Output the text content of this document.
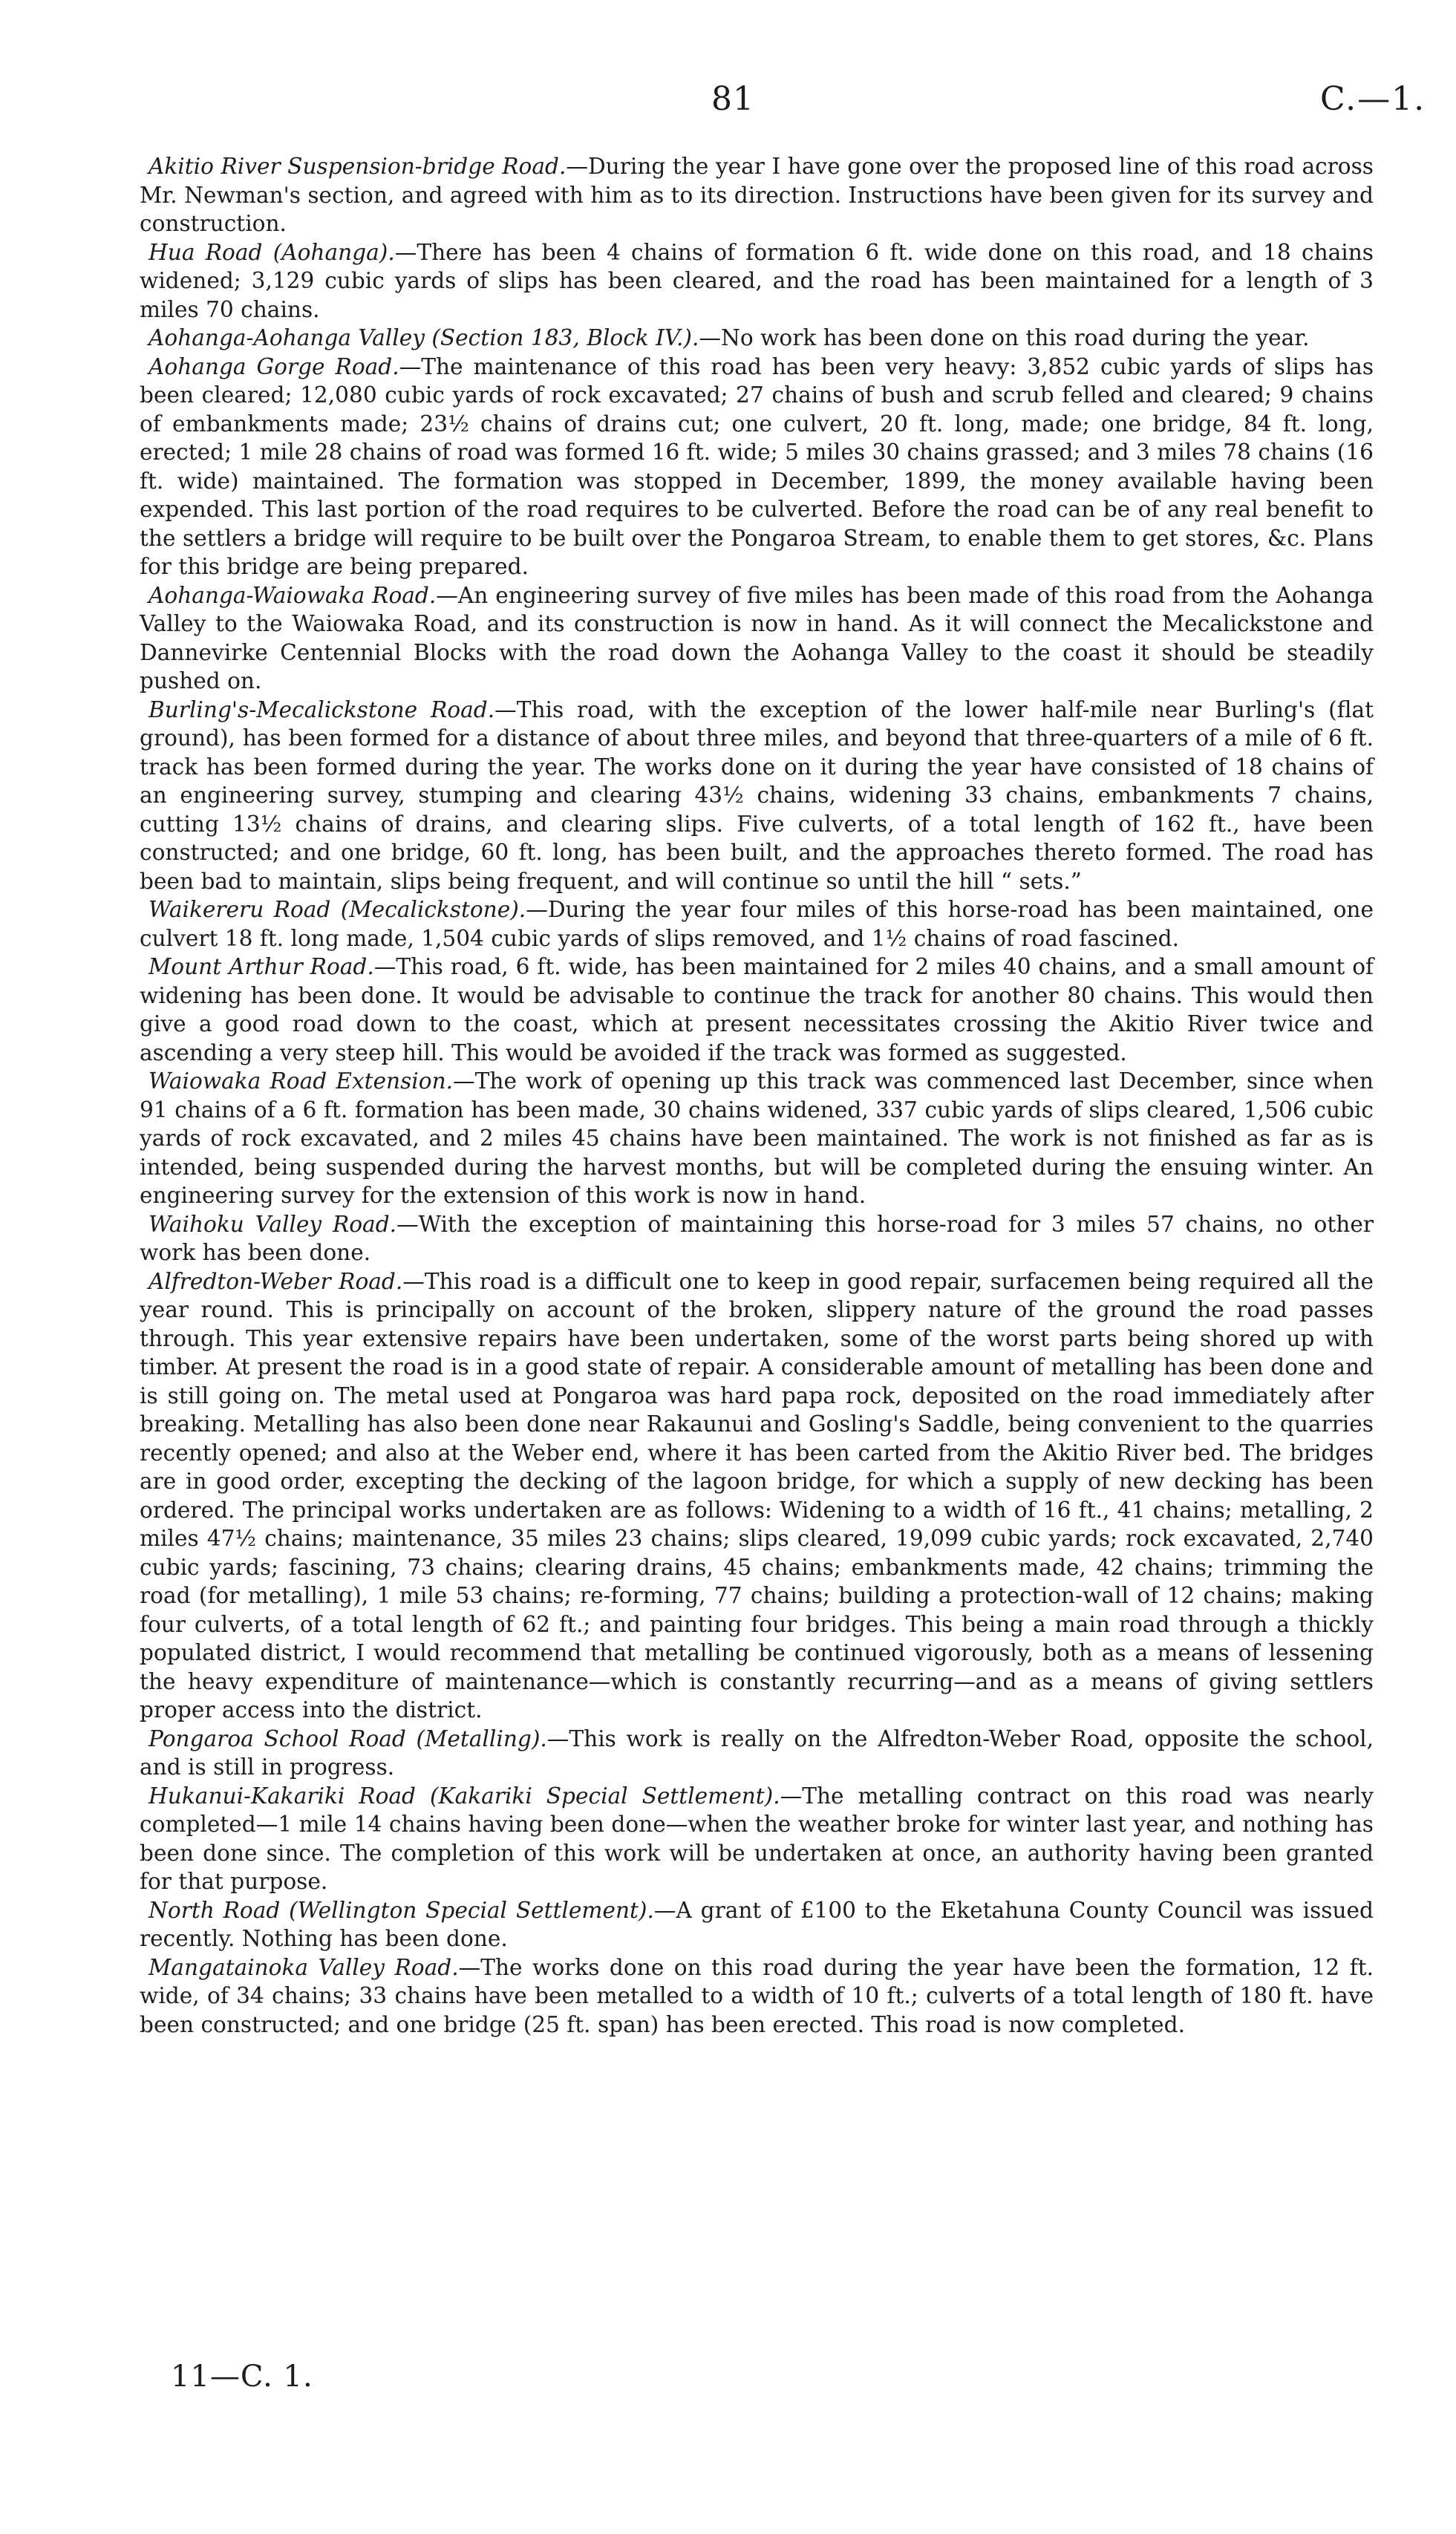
81	C.—1.

Akitio River Suspension-bridge Road.—During the year I have gone over the proposed line of this road across Mr. Newman's section, and agreed with him as to its direction. Instructions have been given for its survey and construction.

Hua Road (Aohanga).—There has been 4 chains of formation 6 ft. wide done on this road, and 18 chains widened; 3,129 cubic yards of slips has been cleared, and the road has been maintained for a length of 3 miles 70 chains.

Aohanga-Aohanga Valley (Section 183, Block IV.).—No work has been done on this road during the year.

Aohanga Gorge Road.—The maintenance of this road has been very heavy: 3,852 cubic yards of slips has been cleared; 12,080 cubic yards of rock excavated; 27 chains of bush and scrub felled and cleared; 9 chains of embankments made; 23½ chains of drains cut; one culvert, 20 ft. long, made; one bridge, 84 ft. long, erected; 1 mile 28 chains of road was formed 16 ft. wide; 5 miles 30 chains grassed; and 3 miles 78 chains (16 ft. wide) maintained. The formation was stopped in December, 1899, the money available having been expended. This last portion of the road requires to be culverted. Before the road can be of any real benefit to the settlers a bridge will require to be built over the Pongaroa Stream, to enable them to get stores, &c. Plans for this bridge are being prepared.

Aohanga-Waiowaka Road.—An engineering survey of five miles has been made of this road from the Aohanga Valley to the Waiowaka Road, and its construction is now in hand. As it will connect the Mecalickstone and Dannevirke Centennial Blocks with the road down the Aohanga Valley to the coast it should be steadily pushed on.

Burling's-Mecalickstone Road.—This road, with the exception of the lower half-mile near Burling's (flat ground), has been formed for a distance of about three miles, and beyond that three-quarters of a mile of 6 ft. track has been formed during the year. The works done on it during the year have consisted of 18 chains of an engineering survey, stumping and clearing 43½ chains, widening 33 chains, embankments 7 chains, cutting 13½ chains of drains, and clearing slips. Five culverts, of a total length of 162 ft., have been constructed; and one bridge, 60 ft. long, has been built, and the approaches thereto formed. The road has been bad to maintain, slips being frequent, and will continue so until the hill “ sets.”

Waikereru Road (Mecalickstone).—During the year four miles of this horse-road has been maintained, one culvert 18 ft. long made, 1,504 cubic yards of slips removed, and 1½ chains of road fascined.

Mount Arthur Road.—This road, 6 ft. wide, has been maintained for 2 miles 40 chains, and a small amount of widening has been done. It would be advisable to continue the track for another 80 chains. This would then give a good road down to the coast, which at present necessitates crossing the Akitio River twice and ascending a very steep hill. This would be avoided if the track was formed as suggested.

Waiowaka Road Extension.—The work of opening up this track was commenced last December, since when 91 chains of a 6 ft. formation has been made, 30 chains widened, 337 cubic yards of slips cleared, 1,506 cubic yards of rock excavated, and 2 miles 45 chains have been maintained. The work is not finished as far as is intended, being suspended during the harvest months, but will be completed during the ensuing winter. An engineering survey for the extension of this work is now in hand.

Waihoku Valley Road.—With the exception of maintaining this horse-road for 3 miles 57 chains, no other work has been done.

Alfredton-Weber Road.—This road is a difficult one to keep in good repair, surfacemen being required all the year round. This is principally on account of the broken, slippery nature of the ground the road passes through. This year extensive repairs have been undertaken, some of the worst parts being shored up with timber. At present the road is in a good state of repair. A considerable amount of metalling has been done and is still going on. The metal used at Pongaroa was hard papa rock, deposited on the road immediately after breaking. Metalling has also been done near Rakaunui and Gosling's Saddle, being convenient to the quarries recently opened; and also at the Weber end, where it has been carted from the Akitio River bed. The bridges are in good order, excepting the decking of the lagoon bridge, for which a supply of new decking has been ordered. The principal works undertaken are as follows: Widening to a width of 16 ft., 41 chains; metalling, 2 miles 47½ chains; maintenance, 35 miles 23 chains; slips cleared, 19,099 cubic yards; rock excavated, 2,740 cubic yards; fascining, 73 chains; clearing drains, 45 chains; embankments made, 42 chains; trimming the road (for metalling), 1 mile 53 chains; re-forming, 77 chains; building a protection-wall of 12 chains; making four culverts, of a total length of 62 ft.; and painting four bridges. This being a main road through a thickly populated district, I would recommend that metalling be continued vigorously, both as a means of lessening the heavy expenditure of maintenance—which is constantly recurring—and as a means of giving settlers proper access into the district.

Pongaroa School Road (Metalling).—This work is really on the Alfredton-Weber Road, opposite the school, and is still in progress.

Hukanui-Kakariki Road (Kakariki Special Settlement).—The metalling contract on this road was nearly completed—1 mile 14 chains having been done—when the weather broke for winter last year, and nothing has been done since. The completion of this work will be undertaken at once, an authority having been granted for that purpose.

North Road (Wellington Special Settlement).—A grant of £100 to the Eketahuna County Council was issued recently. Nothing has been done.

Mangatainoka Valley Road.—The works done on this road during the year have been the formation, 12 ft. wide, of 34 chains; 33 chains have been metalled to a width of 10 ft.; culverts of a total length of 180 ft. have been constructed; and one bridge (25 ft. span) has been erected. This road is now completed.

11—C. 1.
